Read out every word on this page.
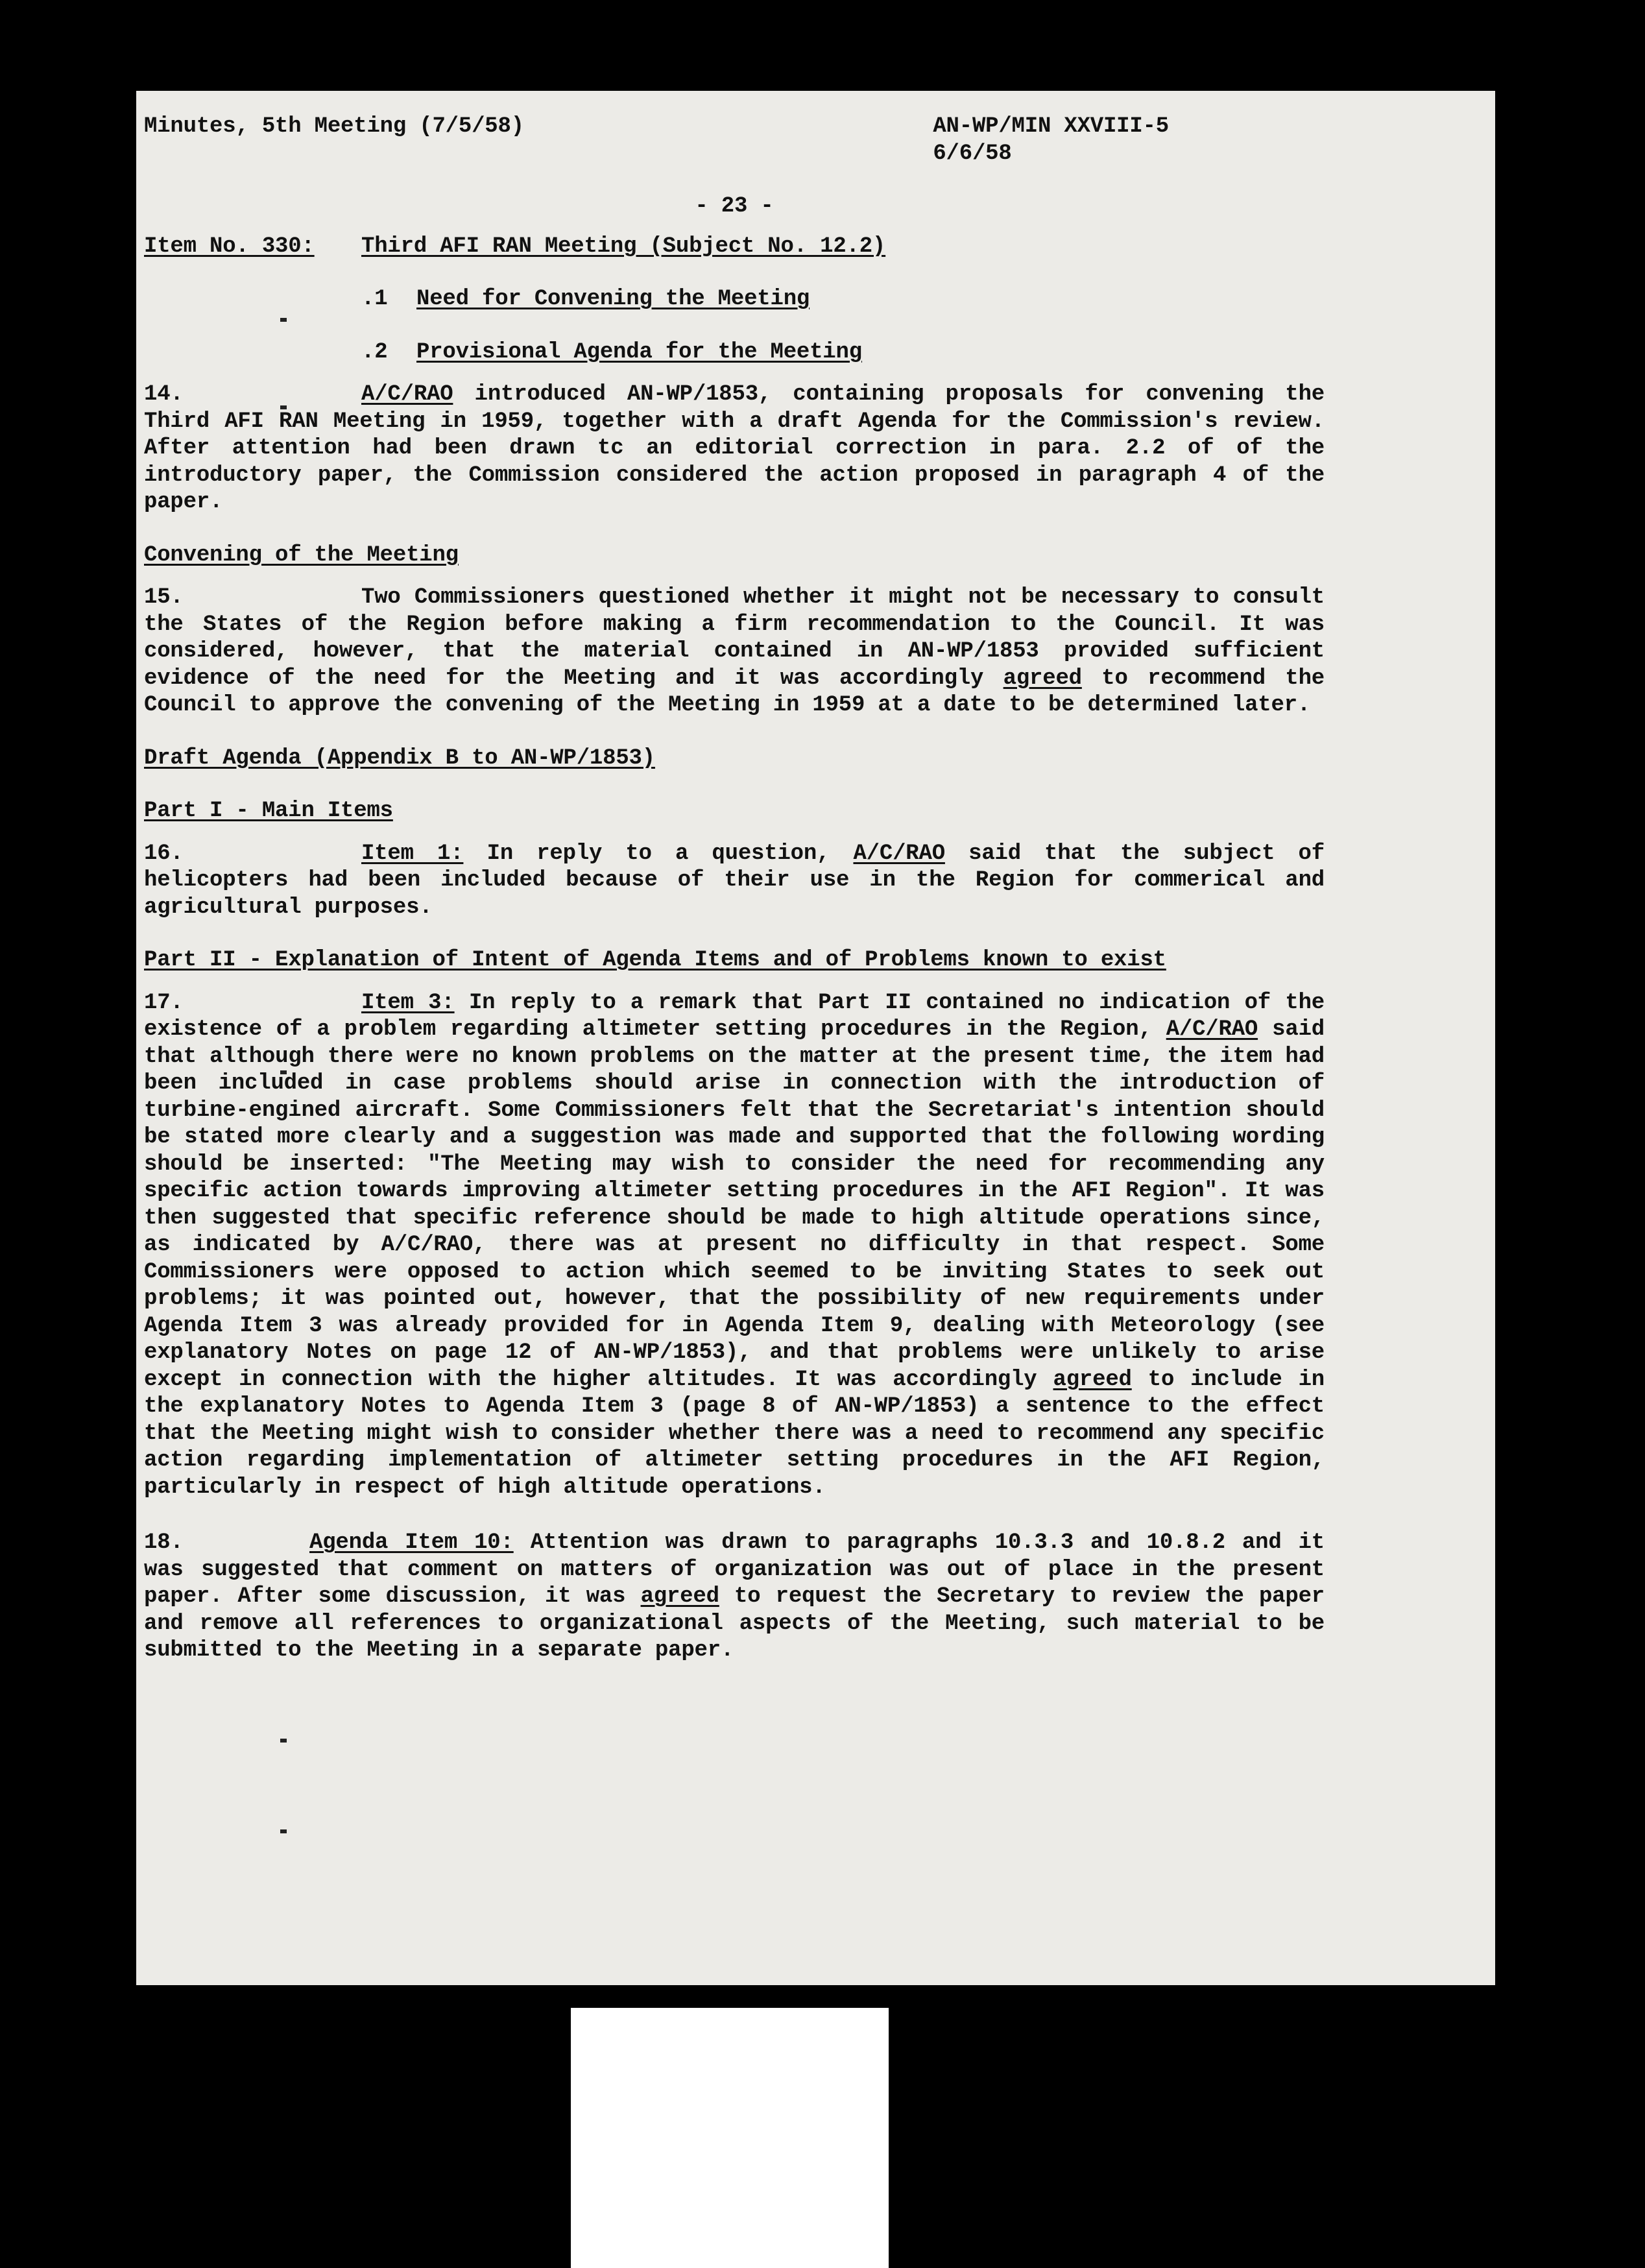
Minutes, 5th Meeting (7/5/58)	AN-WP/MIN XXVIII-5
6/6/58
- 23 -
Item No. 330:	Third AFI RAN Meeting (Subject No. 12.2)
.1 Need for Convening the Meeting
.2 Provisional Agenda for the Meeting
14.	A/C/RAO introduced AN-WP/1853, containing proposals for convening the Third AFI RAN Meeting in 1959, together with a draft Agenda for the Commission's review. After attention had been drawn tc an editorial correction in para. 2.2 of of the introductory paper, the Commission considered the action proposed in paragraph 4 of the paper.
Convening of the Meeting
15.	Two Commissioners questioned whether it might not be necessary to consult the States of the Region before making a firm recommendation to the Council. It was considered, however, that the material contained in AN-WP/1853 provided sufficient evidence of the need for the Meeting and it was accordingly agreed to recommend the Council to approve the convening of the Meeting in 1959 at a date to be determined later.
Draft Agenda (Appendix B to AN-WP/1853)
Part I - Main Items
16.	Item 1: In reply to a question, A/C/RAO said that the subject of helicopters had been included because of their use in the Region for commerical and agricultural purposes.
Part II - Explanation of Intent of Agenda Items and of Problems known to exist
17.	Item 3: In reply to a remark that Part II contained no indication of the existence of a problem regarding altimeter setting procedures in the Region, A/C/RAO said that although there were no known problems on the matter at the present time, the item had been included in case problems should arise in connection with the introduction of turbine-engined aircraft. Some Commissioners felt that the Secretariat's intention should be stated more clearly and a suggestion was made and supported that the following wording should be inserted: "The Meeting may wish to consider the need for recommending any specific action towards improving altimeter setting procedures in the AFI Region". It was then suggested that specific reference should be made to high altitude operations since, as indicated by A/C/RAO, there was at present no difficulty in that respect. Some Commissioners were opposed to action which seemed to be inviting States to seek out problems; it was pointed out, however, that the possibility of new requirements under Agenda Item 3 was already provided for in Agenda Item 9, dealing with Meteorology (see explanatory Notes on page 12 of AN-WP/1853), and that problems were unlikely to arise except in connection with the higher altitudes. It was accordingly agreed to include in the explanatory Notes to Agenda Item 3 (page 8 of AN-WP/1853) a sentence to the effect that the Meeting might wish to consider whether there was a need to recommend any specific action regarding implementation of altimeter setting procedures in the AFI Region, particularly in respect of high altitude operations.
18.	Agenda Item 10: Attention was drawn to paragraphs 10.3.3 and 10.8.2 and it was suggested that comment on matters of organization was out of place in the present paper. After some discussion, it was agreed to request the Secretary to review the paper and remove all references to organizational aspects of the Meeting, such material to be submitted to the Meeting in a separate paper.
